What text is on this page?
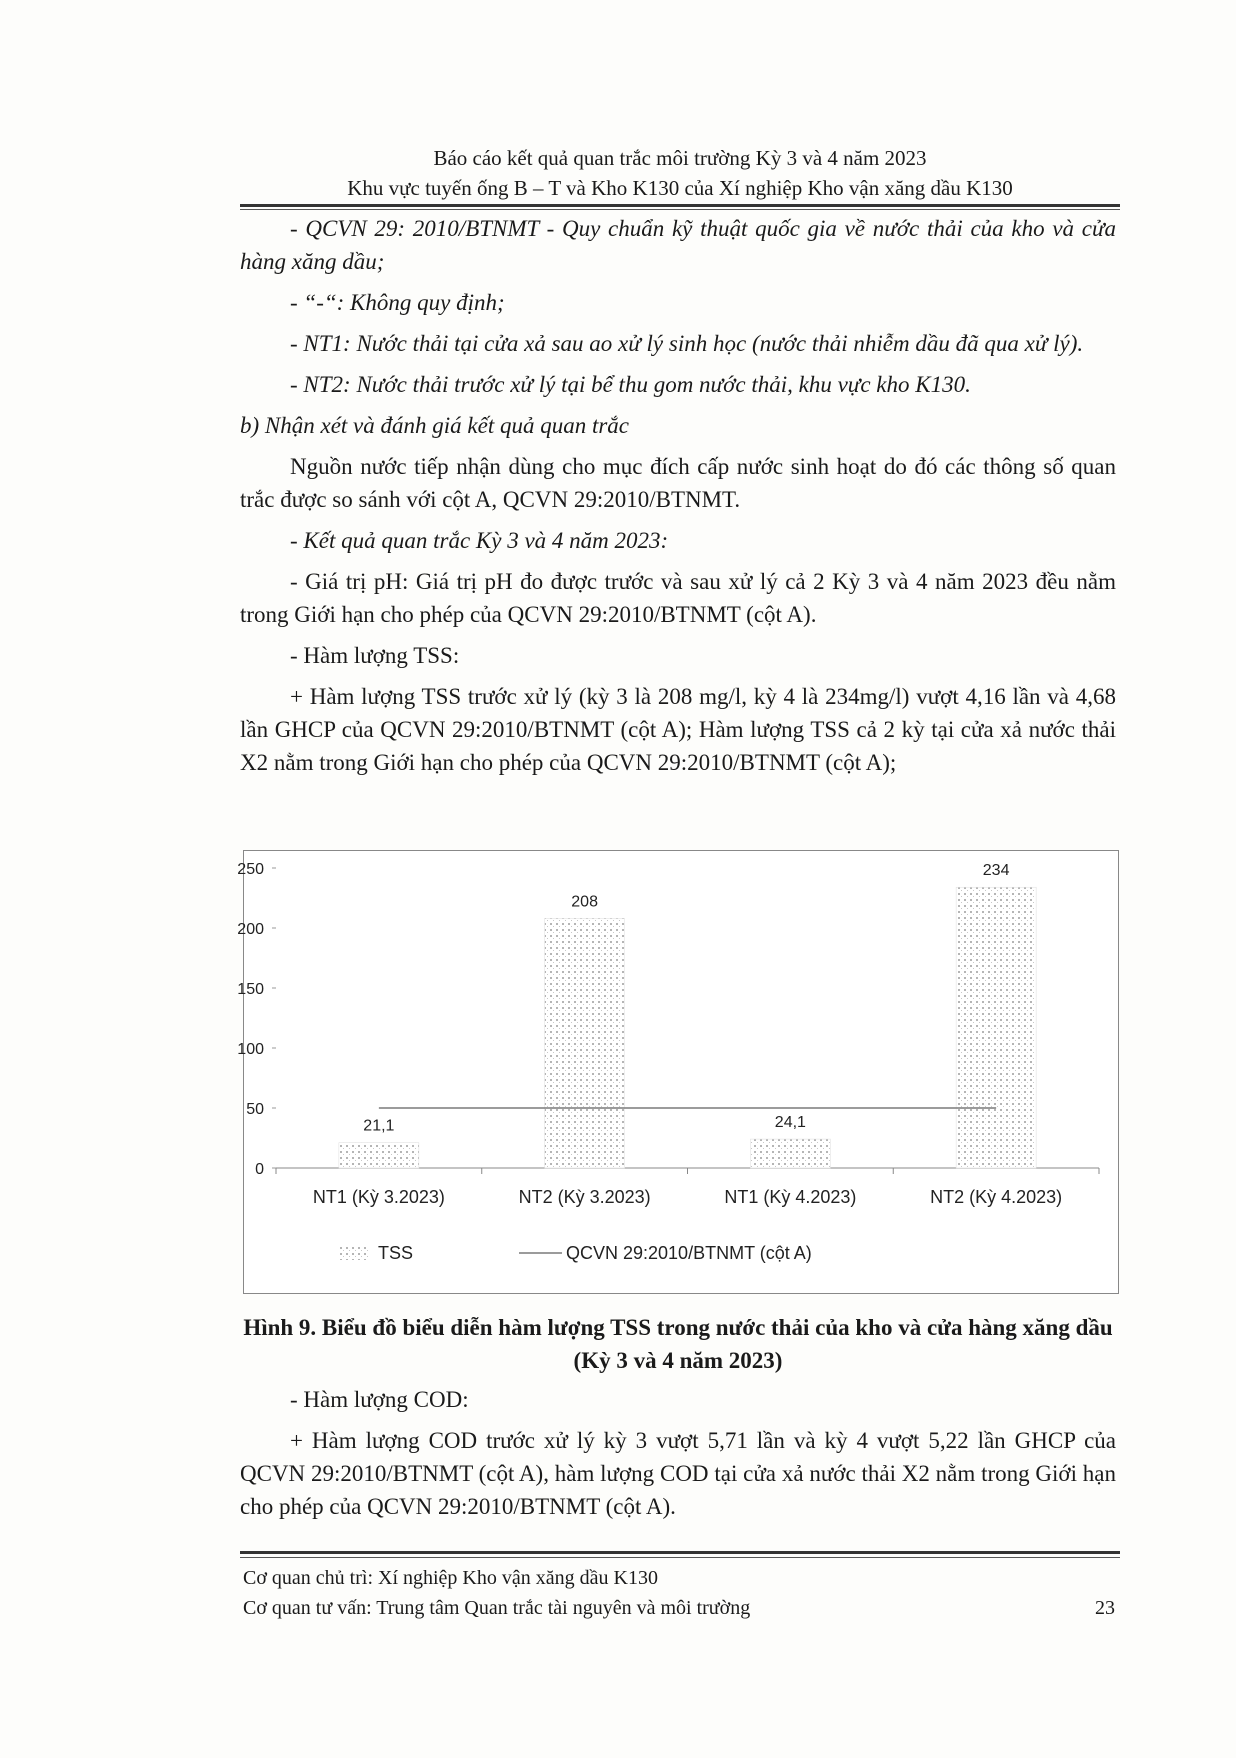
Báo cáo kết quả quan trắc môi trường Kỳ 3 và 4 năm 2023
Khu vực tuyến ống B – T và Kho K130 của Xí nghiệp Kho vận xăng dầu K130

- QCVN 29: 2010/BTNMT - Quy chuẩn kỹ thuật quốc gia về nước thải của kho và cửa hàng xăng dầu;

- “-“: Không quy định;

- NT1: Nước thải tại cửa xả sau ao xử lý sinh học (nước thải nhiễm dầu đã qua xử lý).

- NT2: Nước thải trước xử lý tại bể thu gom nước thải, khu vực kho K130.

b) Nhận xét và đánh giá kết quả quan trắc

Nguồn nước tiếp nhận dùng cho mục đích cấp nước sinh hoạt do đó các thông số quan trắc được so sánh với cột A, QCVN 29:2010/BTNMT.

- Kết quả quan trắc Kỳ 3 và 4 năm 2023:

- Giá trị pH: Giá trị pH đo được trước và sau xử lý cả 2 Kỳ 3 và 4 năm 2023 đều nằm trong Giới hạn cho phép của QCVN 29:2010/BTNMT (cột A).

- Hàm lượng TSS:

+ Hàm lượng TSS trước xử lý (kỳ 3 là 208 mg/l, kỳ 4 là 234mg/l) vượt 4,16 lần và 4,68 lần GHCP của QCVN 29:2010/BTNMT (cột A); Hàm lượng TSS cả 2 kỳ tại cửa xả nước thải X2 nằm trong Giới hạn cho phép của QCVN 29:2010/BTNMT (cột A);

0
50
100
150
200
250
21,1
208
24,1
234
NT1 (Kỳ 3.2023)	NT2 (Kỳ 3.2023)	NT1 (Kỳ 4.2023)	NT2 (Kỳ 4.2023)
TSS	QCVN 29:2010/BTNMT (cột A)
Hình 9. Biểu đồ biểu diễn hàm lượng TSS trong nước thải của kho và cửa hàng xăng dầu (Kỳ 3 và 4 năm 2023)

- Hàm lượng COD:

+ Hàm lượng COD trước xử lý kỳ 3 vượt 5,71 lần và kỳ 4 vượt 5,22 lần GHCP của QCVN 29:2010/BTNMT (cột A), hàm lượng COD tại cửa xả nước thải X2 nằm trong Giới hạn cho phép của QCVN 29:2010/BTNMT (cột A).

Cơ quan chủ trì: Xí nghiệp Kho vận xăng dầu K130
Cơ quan tư vấn: Trung tâm Quan trắc tài nguyên và môi trường	23
